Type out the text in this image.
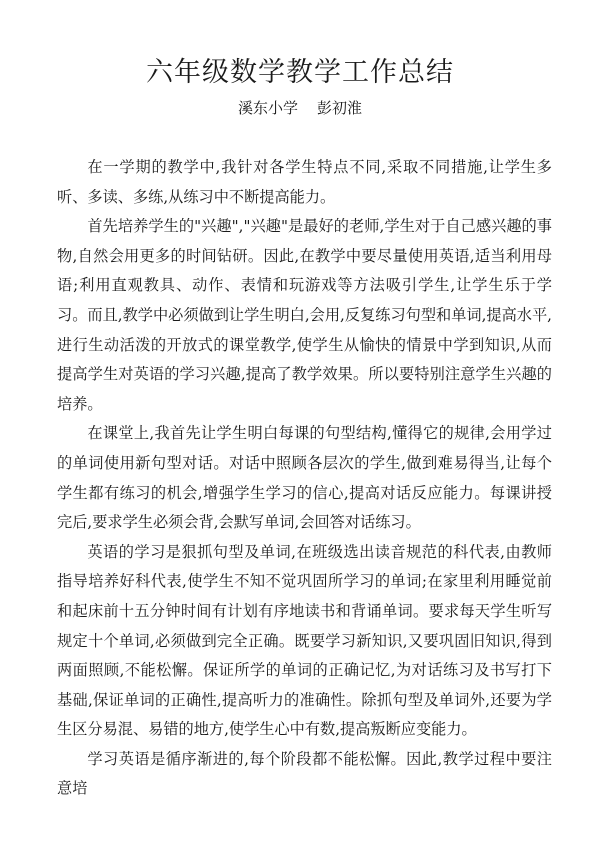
六年级数学教学工作总结
溪东小学    彭初淮

在一学期的教学中,我针对各学生特点不同,采取不同措施,让学生多听、多读、多练,从练习中不断提高能力。

首先培养学生的"兴趣","兴趣"是最好的老师,学生对于自己感兴趣的事物,自然会用更多的时间钻研。因此,在教学中要尽量使用英语,适当利用母语;利用直观教具、动作、表情和玩游戏等方法吸引学生,让学生乐于学习。而且,教学中必须做到让学生明白,会用,反复练习句型和单词,提高水平,进行生动活泼的开放式的课堂教学,使学生从愉快的情景中学到知识,从而提高学生对英语的学习兴趣,提高了教学效果。所以要特别注意学生兴趣的培养。

在课堂上,我首先让学生明白每课的句型结构,懂得它的规律,会用学过的单词使用新句型对话。对话中照顾各层次的学生,做到难易得当,让每个学生都有练习的机会,增强学生学习的信心,提高对话反应能力。每课讲授完后,要求学生必须会背,会默写单词,会回答对话练习。

英语的学习是狠抓句型及单词,在班级选出读音规范的科代表,由教师指导培养好科代表,使学生不知不觉巩固所学习的单词;在家里利用睡觉前和起床前十五分钟时间有计划有序地读书和背诵单词。要求每天学生听写规定十个单词,必须做到完全正确。既要学习新知识,又要巩固旧知识,得到两面照顾,不能松懈。保证所学的单词的正确记忆,为对话练习及书写打下基础,保证单词的正确性,提高听力的准确性。除抓句型及单词外,还要为学生区分易混、易错的地方,使学生心中有数,提高叛断应变能力。

学习英语是循序渐进的,每个阶段都不能松懈。因此,教学过程中要注意培
